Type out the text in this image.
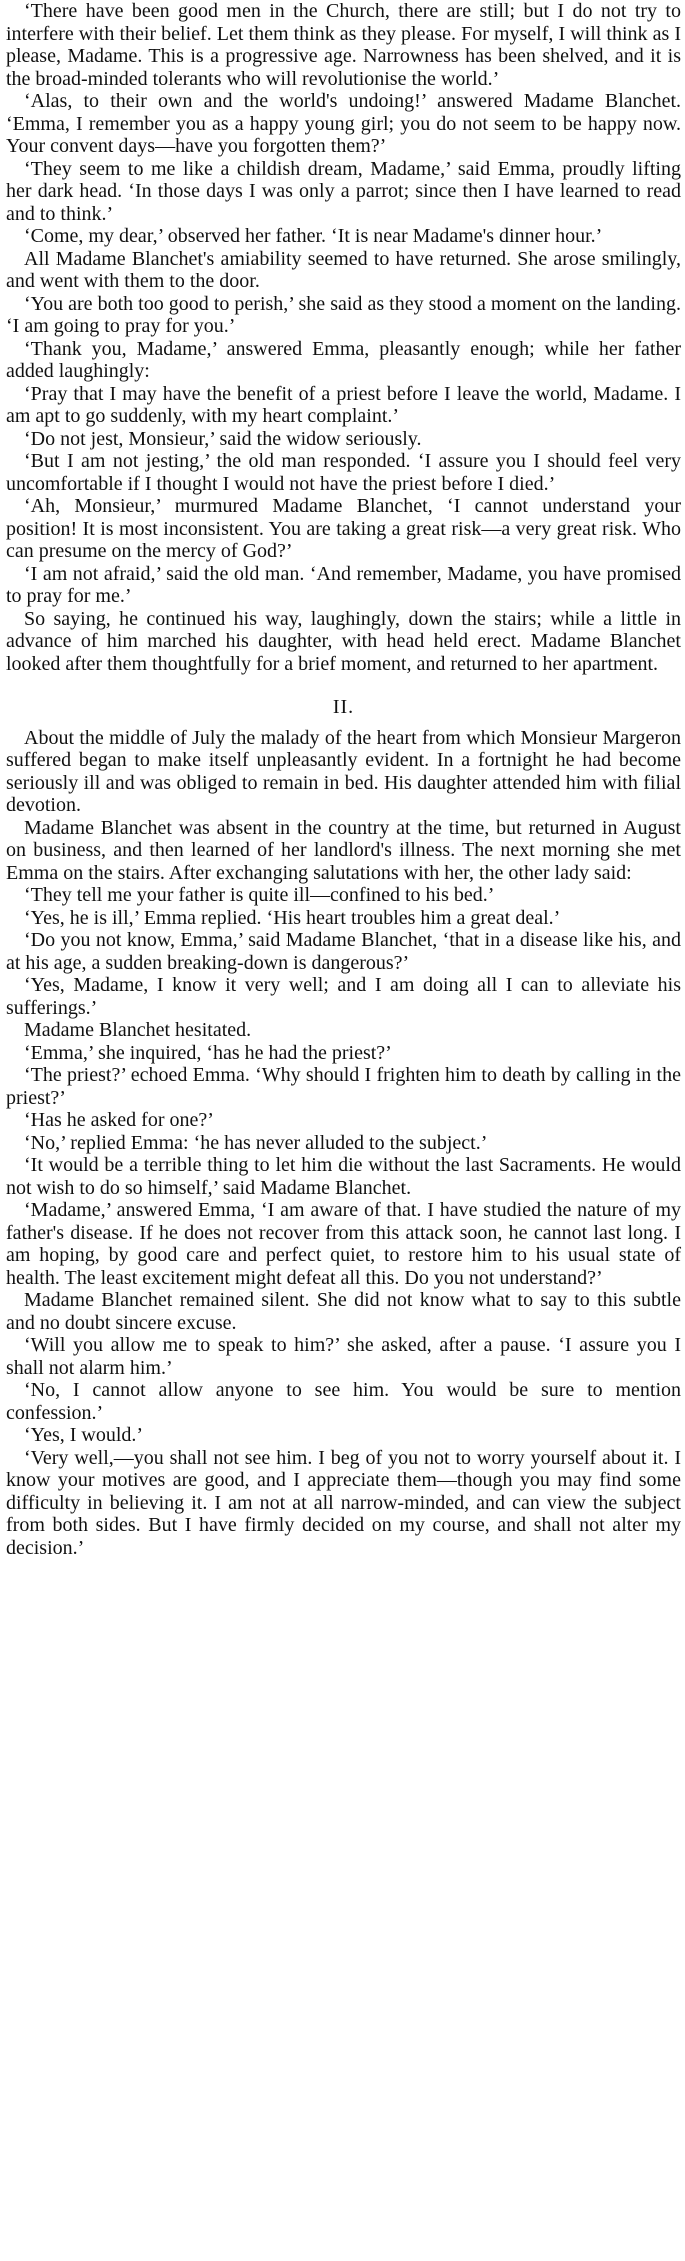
‘There have been good men in the Church, there are still; but I do not try to interfere with their belief. Let them think as they please. For myself, I will think as I please, Madame. This is a progressive age. Narrowness has been shelved, and it is the broad-minded tolerants who will revolutionise the world.’

‘Alas, to their own and the world's undoing!’ answered Madame Blanchet. ‘Emma, I remember you as a happy young girl; you do not seem to be happy now. Your convent days—have you forgotten them?’

‘They seem to me like a childish dream, Madame,’ said Emma, proudly lifting her dark head. ‘In those days I was only a parrot; since then I have learned to read and to think.’

‘Come, my dear,’ observed her father. ‘It is near Madame's dinner hour.’

All Madame Blanchet's amiability seemed to have returned. She arose smilingly, and went with them to the door.

‘You are both too good to perish,’ she said as they stood a moment on the landing. ‘I am going to pray for you.’

‘Thank you, Madame,’ answered Emma, pleasantly enough; while her father added laughingly:

‘Pray that I may have the benefit of a priest before I leave the world, Madame. I am apt to go suddenly, with my heart complaint.’

‘Do not jest, Monsieur,’ said the widow seriously.

‘But I am not jesting,’ the old man responded. ‘I assure you I should feel very uncomfortable if I thought I would not have the priest before I died.’

‘Ah, Monsieur,’ murmured Madame Blanchet, ‘I cannot understand your position! It is most inconsistent. You are taking a great risk—a very great risk. Who can presume on the mercy of God?’

‘I am not afraid,’ said the old man. ‘And remember, Madame, you have promised to pray for me.’

So saying, he continued his way, laughingly, down the stairs; while a little in advance of him marched his daughter, with head held erect. Madame Blanchet looked after them thoughtfully for a brief moment, and returned to her apartment.

II.

About the middle of July the malady of the heart from which Monsieur Margeron suffered began to make itself unpleasantly evident. In a fortnight he had become seriously ill and was obliged to remain in bed. His daughter attended him with filial devotion.

Madame Blanchet was absent in the country at the time, but returned in August on business, and then learned of her landlord's illness. The next morning she met Emma on the stairs. After exchanging salutations with her, the other lady said:

‘They tell me your father is quite ill—confined to his bed.’

‘Yes, he is ill,’ Emma replied. ‘His heart troubles him a great deal.’

‘Do you not know, Emma,’ said Madame Blanchet, ‘that in a disease like his, and at his age, a sudden breaking-down is dangerous?’

‘Yes, Madame, I know it very well; and I am doing all I can to alleviate his sufferings.’

Madame Blanchet hesitated.

‘Emma,’ she inquired, ‘has he had the priest?’

‘The priest?’ echoed Emma. ‘Why should I frighten him to death by calling in the priest?’

‘Has he asked for one?’

‘No,’ replied Emma: ‘he has never alluded to the subject.’

‘It would be a terrible thing to let him die without the last Sacraments. He would not wish to do so himself,’ said Madame Blanchet.

‘Madame,’ answered Emma, ‘I am aware of that. I have studied the nature of my father's disease. If he does not recover from this attack soon, he cannot last long. I am hoping, by good care and perfect quiet, to restore him to his usual state of health. The least excitement might defeat all this. Do you not understand?’

Madame Blanchet remained silent. She did not know what to say to this subtle and no doubt sincere excuse.

‘Will you allow me to speak to him?’ she asked, after a pause. ‘I assure you I shall not alarm him.’

‘No, I cannot allow anyone to see him. You would be sure to mention confession.’

‘Yes, I would.’

‘Very well,—you shall not see him. I beg of you not to worry yourself about it. I know your motives are good, and I appreciate them—though you may find some difficulty in believing it. I am not at all narrow-minded, and can view the subject from both sides. But I have firmly decided on my course, and shall not alter my decision.’
